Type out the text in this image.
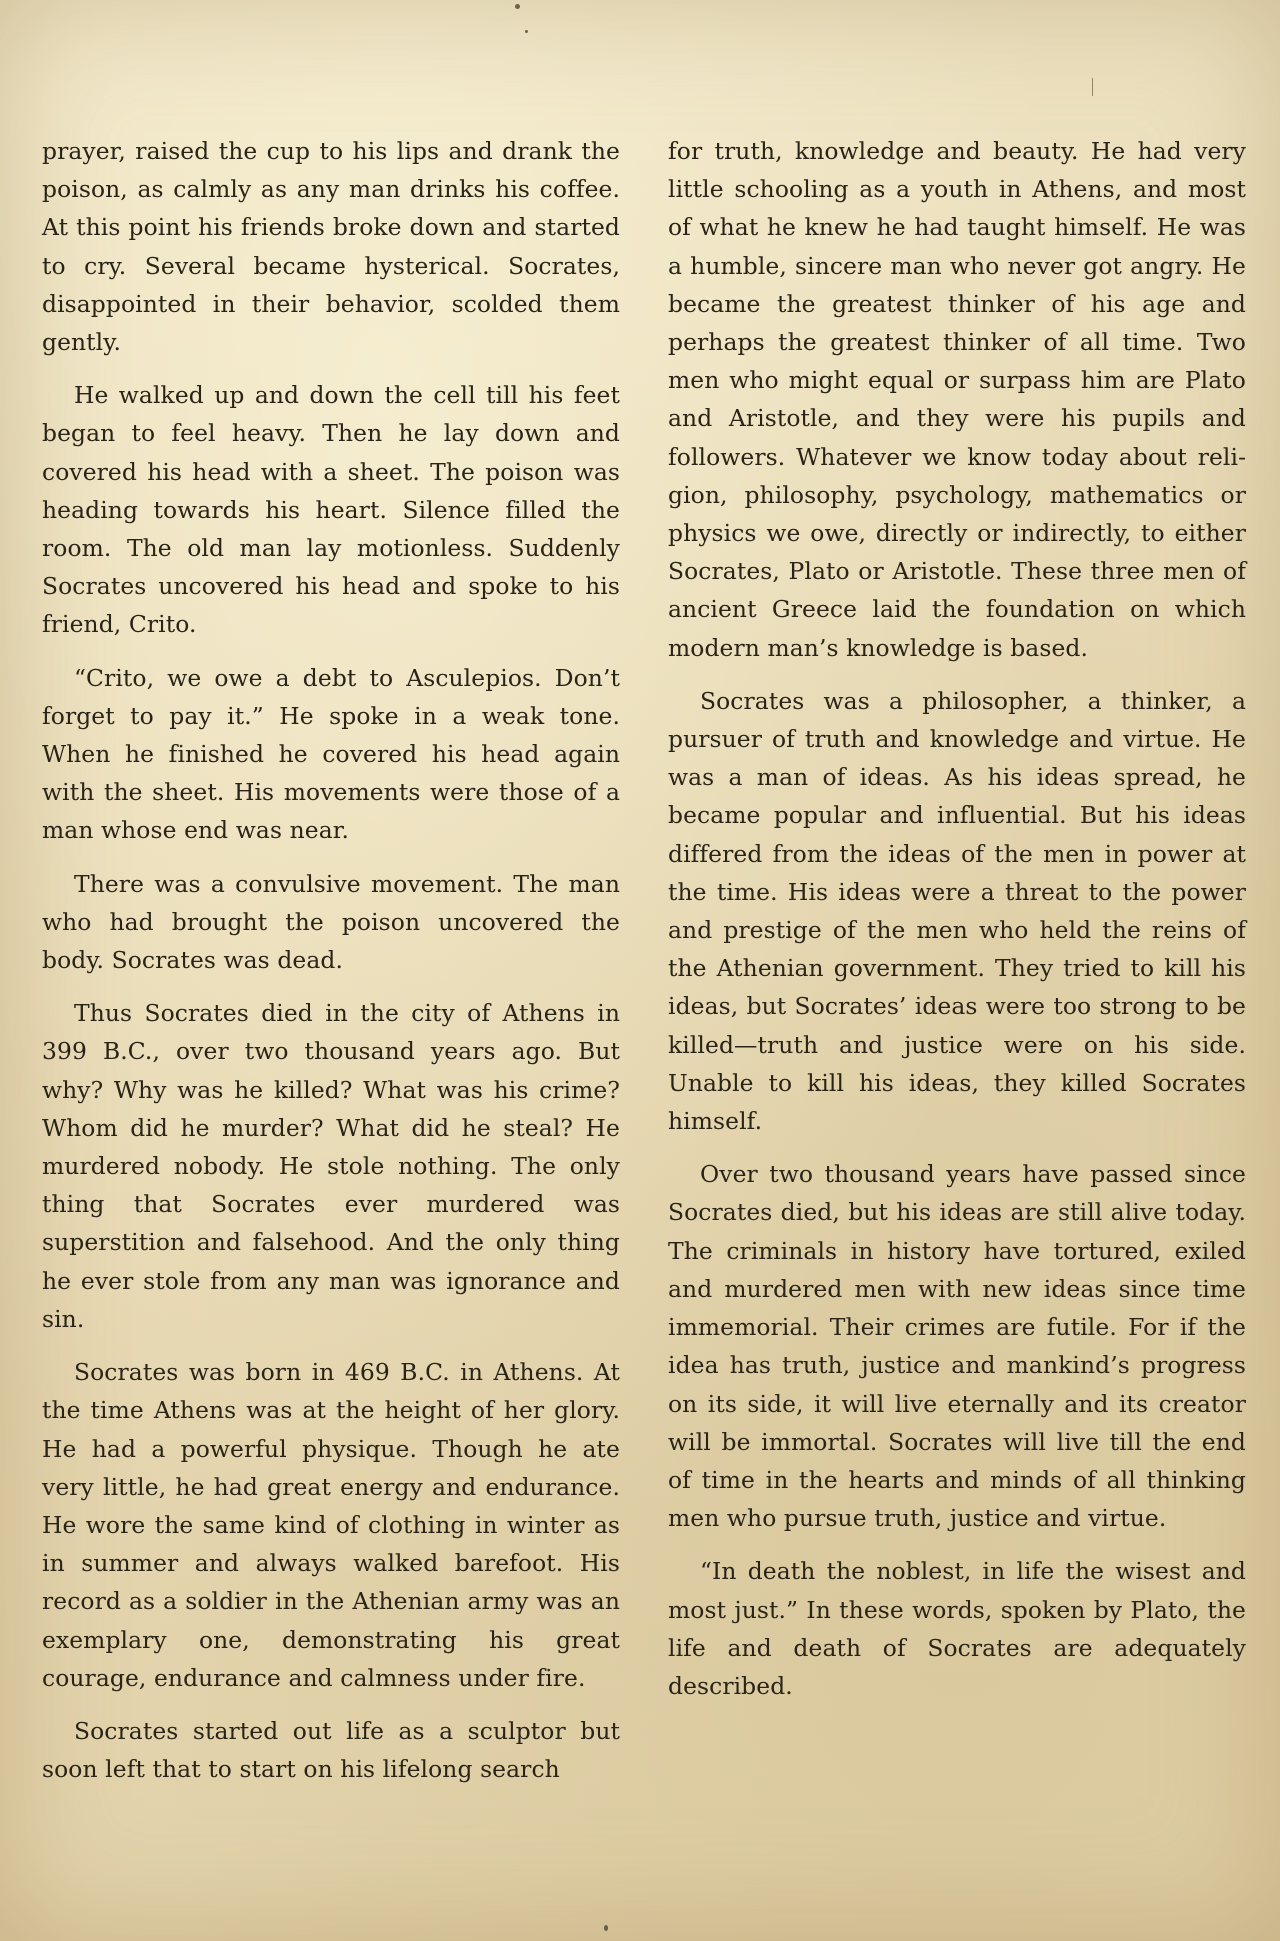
prayer, raised the cup to his lips and drank the poison, as calmly as any man drinks his coffee. At this point his friends broke down and started to cry. Several became hysterical. Socrates, disappointed in their behavior, scolded them gently.

He walked up and down the cell till his feet began to feel heavy. Then he lay down and covered his head with a sheet. The poison was heading towards his heart. Silence filled the room. The old man lay motionless. Suddenly Socrates uncovered his head and spoke to his friend, Crito.

“Crito, we owe a debt to Asculepios. Don’t forget to pay it.” He spoke in a weak tone. When he finished he covered his head again with the sheet. His movements were those of a man whose end was near.

There was a convulsive movement. The man who had brought the poison uncovered the body. Socrates was dead.

Thus Socrates died in the city of Athens in 399 B.C., over two thousand years ago. But why? Why was he killed? What was his crime? Whom did he murder? What did he steal? He murdered nobody. He stole nothing. The only thing that Socrates ever murdered was superstition and falsehood. And the only thing he ever stole from any man was ignorance and sin.

Socrates was born in 469 B.C. in Athens. At the time Athens was at the height of her glory. He had a powerful physique. Though he ate very little, he had great energy and endurance. He wore the same kind of clothing in winter as in summer and always walked barefoot. His record as a soldier in the Athenian army was an exemplary one, demonstrating his great courage, endurance and calmness under fire.

Socrates started out life as a sculptor but soon left that to start on his lifelong search

for truth, knowledge and beauty. He had very little schooling as a youth in Athens, and most of what he knew he had taught himself. He was a humble, sincere man who never got angry. He became the greatest thinker of his age and perhaps the greatest thinker of all time. Two men who might equal or surpass him are Plato and Aristotle, and they were his pupils and followers. Whatever we know today about religion, philosophy, psychology, mathematics or physics we owe, directly or indirectly, to either Socrates, Plato or Aristotle. These three men of ancient Greece laid the foundation on which modern man’s knowledge is based.

Socrates was a philosopher, a thinker, a pursuer of truth and knowledge and virtue. He was a man of ideas. As his ideas spread, he became popular and influential. But his ideas differed from the ideas of the men in power at the time. His ideas were a threat to the power and prestige of the men who held the reins of the Athenian government. They tried to kill his ideas, but Socrates’ ideas were too strong to be killed—truth and justice were on his side. Unable to kill his ideas, they killed Socrates himself.

Over two thousand years have passed since Socrates died, but his ideas are still alive today. The criminals in history have tortured, exiled and murdered men with new ideas since time immemorial. Their crimes are futile. For if the idea has truth, justice and mankind’s progress on its side, it will live eternally and its creator will be immortal. Socrates will live till the end of time in the hearts and minds of all thinking men who pursue truth, justice and virtue.

“In death the noblest, in life the wisest and most just.” In these words, spoken by Plato, the life and death of Socrates are adequately described.
